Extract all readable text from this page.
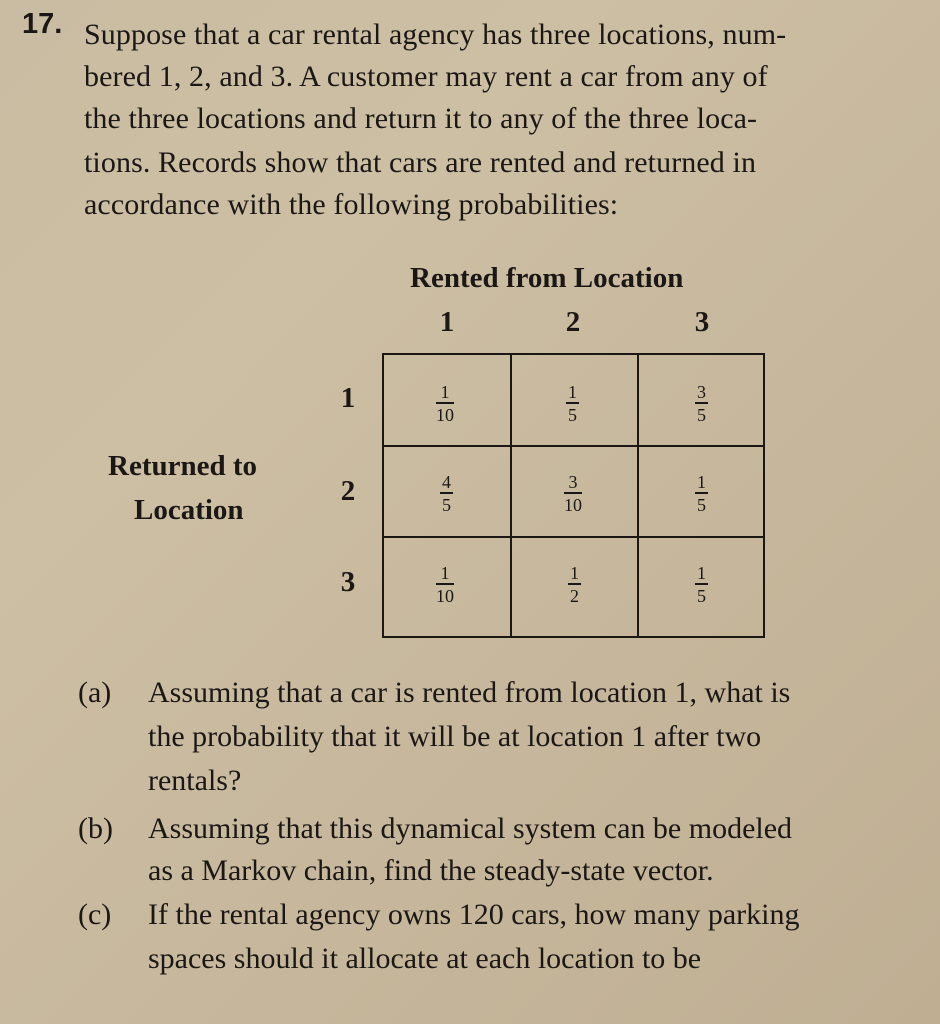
17. Suppose that a car rental agency has three locations, num-
bered 1, 2, and 3. A customer may rent a car from any of
the three locations and return it to any of the three loca-
tions. Records show that cars are rented and returned in
accordance with the following probabilities:
Rented from Location
1	2	3
Returned to
Location
1
2
3
1
10
1
5
3
5
4
5
3
10
1
5
1
10
1
2
1
5
(a) Assuming that a car is rented from location 1, what is
the probability that it will be at location 1 after two
rentals?
(b) Assuming that this dynamical system can be modeled
as a Markov chain, find the steady-state vector.
(c) If the rental agency owns 120 cars, how many parking
spaces should it allocate at each location to be
